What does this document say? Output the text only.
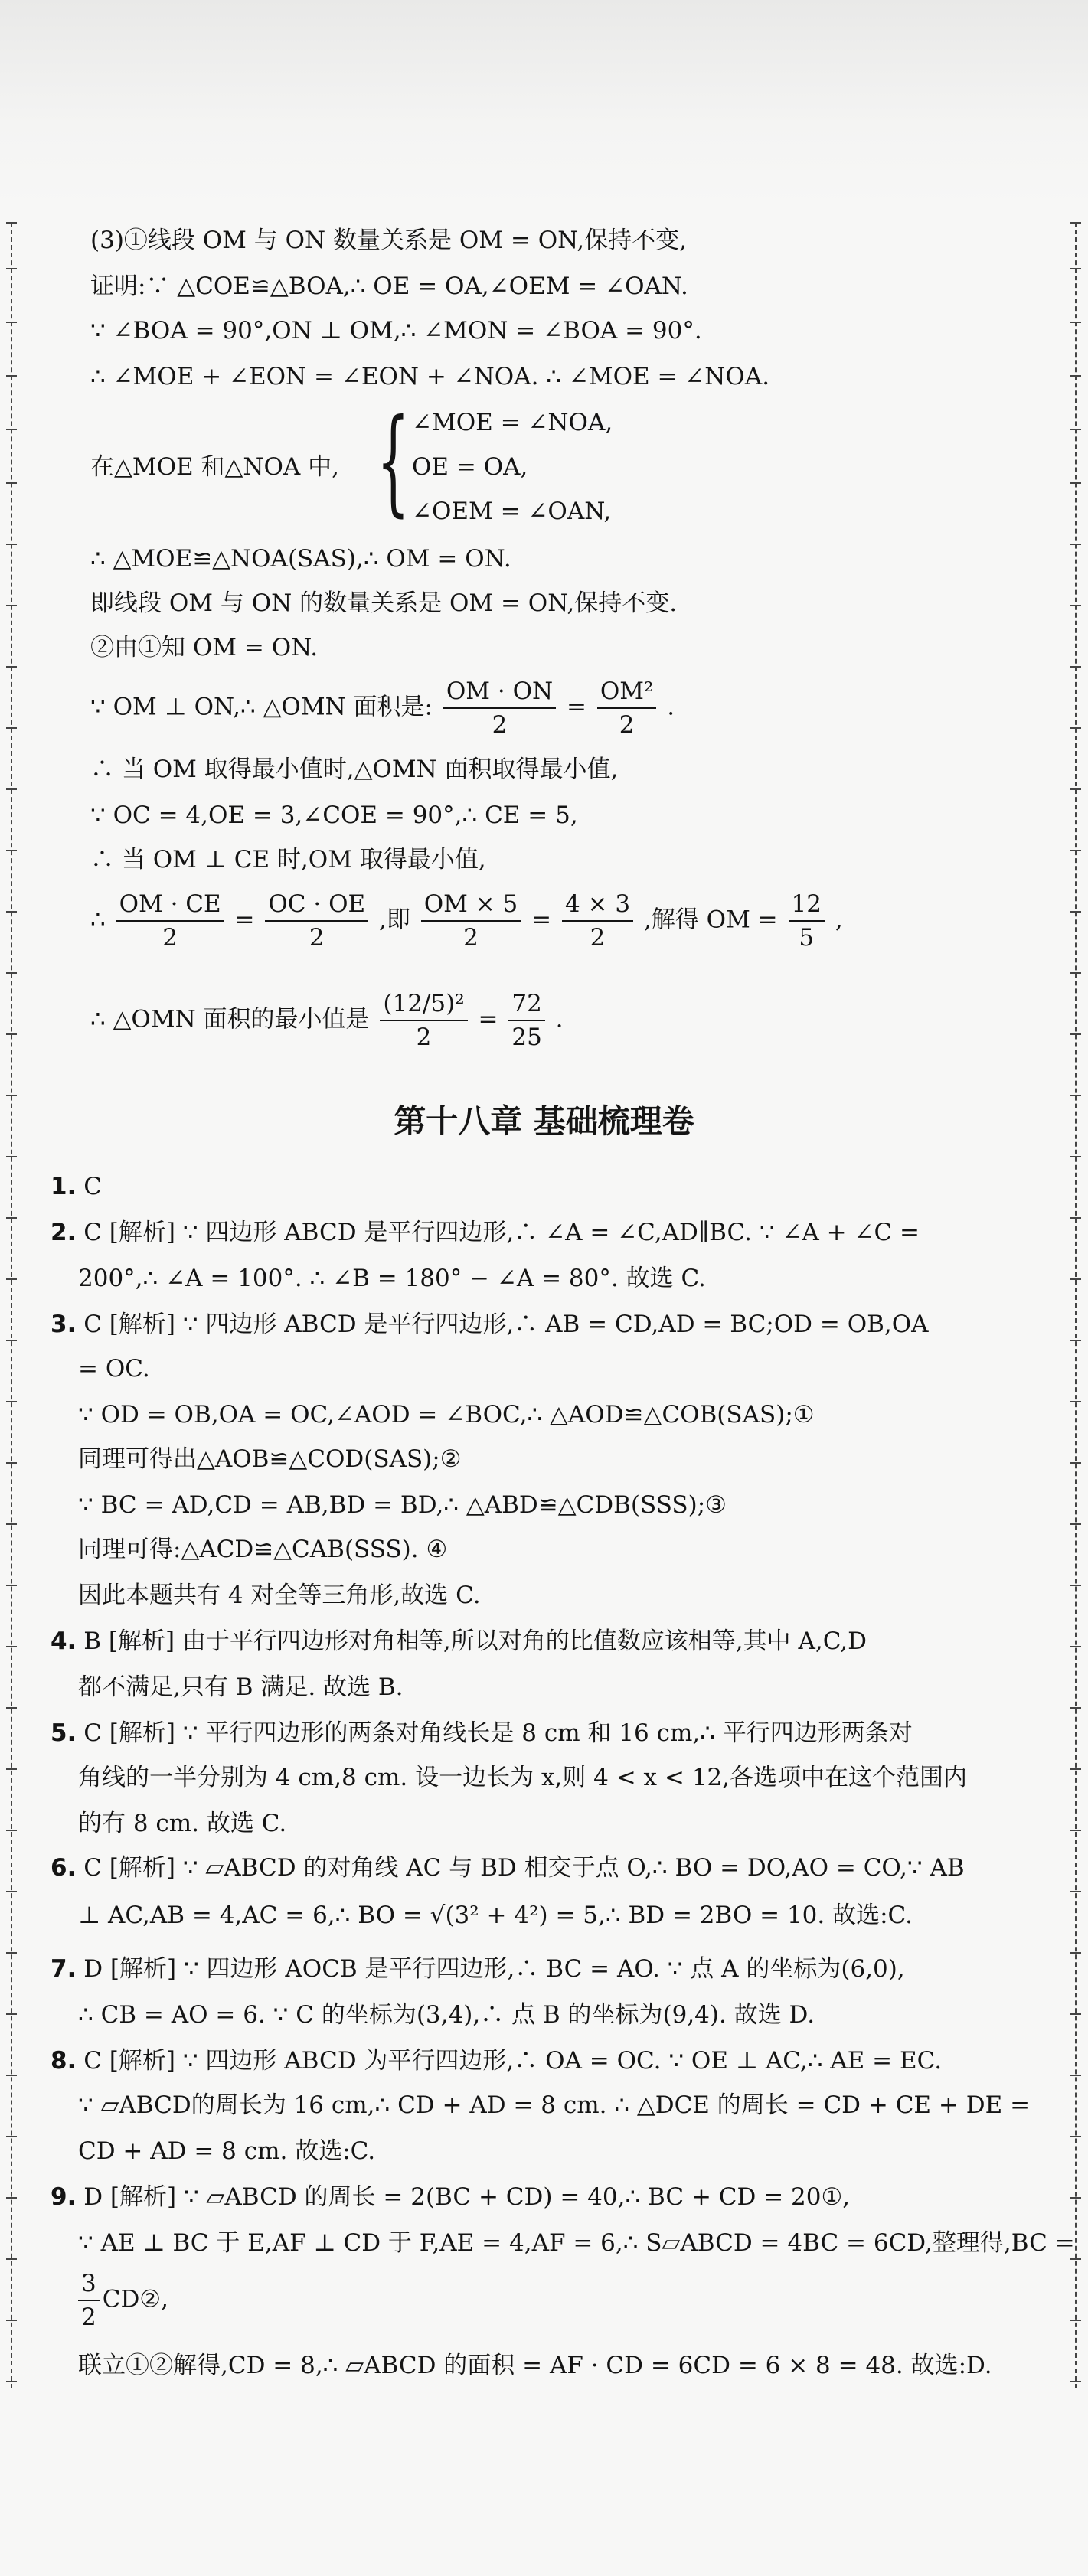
(3)①线段 OM 与 ON 数量关系是 OM = ON,保持不变,
证明:∵ △COE≌△BOA,∴ OE = OA,∠OEM = ∠OAN.
∵ ∠BOA = 90°,ON ⊥ OM,∴ ∠MON = ∠BOA = 90°.
∴ ∠MOE + ∠EON = ∠EON + ∠NOA. ∴ ∠MOE = ∠NOA.
在△MOE 和△NOA 中, { ∠MOE = ∠NOA,
OE = OA,
∠OEM = ∠OAN,
∴ △MOE≌△NOA(SAS),∴ OM = ON.
即线段 OM 与 ON 的数量关系是 OM = ON,保持不变.
②由①知 OM = ON.
∵ OM ⊥ ON,∴ △OMN 面积是: $\frac{OM \cdot ON}{2} = \frac{\text{OM²}}{2}$ .
∴ 当 OM 取得最小值时,△OMN 面积取得最小值,
∵ OC = 4,OE = 3,∠COE = 90°,∴ CE = 5,
∴ 当 OM ⊥ CE 时,OM 取得最小值,
∴ $\frac{OM \cdot CE}{2} = \frac{OC \cdot OE}{2}$ ,即 $\frac{OM \times 5}{2} = \frac{4 \times 3}{2}$ ,解得 OM = $\frac{12}{5}$ ,
∴ △OMN 面积的最小值是 $\frac{\text{(12/5)²}}{2} = \frac{72}{25}$ .
第十八章 基础梳理卷
1. C
2. C [解析] ∵ 四边形 ABCD 是平行四边形,∴ ∠A = ∠C,AD∥BC. ∵ ∠A + ∠C =
200°,∴ ∠A = 100°. ∴ ∠B = 180° − ∠A = 80°. 故选 C.
3. C [解析] ∵ 四边形 ABCD 是平行四边形,∴ AB = CD,AD = BC;OD = OB,OA
= OC.
∵ OD = OB,OA = OC,∠AOD = ∠BOC,∴ △AOD≌△COB(SAS);①
同理可得出△AOB≌△COD(SAS);②
∵ BC = AD,CD = AB,BD = BD,∴ △ABD≌△CDB(SSS);③
同理可得:△ACD≌△CAB(SSS). ④
因此本题共有 4 对全等三角形,故选 C.
4. B [解析] 由于平行四边形对角相等,所以对角的比值数应该相等,其中 A,C,D
都不满足,只有 B 满足. 故选 B.
5. C [解析] ∵ 平行四边形的两条对角线长是 8 cm 和 16 cm,∴ 平行四边形两条对
角线的一半分别为 4 cm,8 cm. 设一边长为 x,则 4 < x < 12,各选项中在这个范围内
的有 8 cm. 故选 C.
6. C [解析] ∵ ▱ABCD 的对角线 AC 与 BD 相交于点 O,∴ BO = DO,AO = CO,∵ AB
⊥ AC,AB = 4,AC = 6,∴ BO = √(3² + 4²) = 5,∴ BD = 2BO = 10. 故选:C.
7. D [解析] ∵ 四边形 AOCB 是平行四边形,∴ BC = AO. ∵ 点 A 的坐标为(6,0),
∴ CB = AO = 6. ∵ C 的坐标为(3,4),∴ 点 B 的坐标为(9,4). 故选 D.
8. C [解析] ∵ 四边形 ABCD 为平行四边形,∴ OA = OC. ∵ OE ⊥ AC,∴ AE = EC.
∵ ▱ABCD的周长为 16 cm,∴ CD + AD = 8 cm. ∴ △DCE 的周长 = CD + CE + DE =
CD + AD = 8 cm. 故选:C.
9. D [解析] ∵ ▱ABCD 的周长 = 2(BC + CD) = 40,∴ BC + CD = 20①,
∵ AE ⊥ BC 于 E,AF ⊥ CD 于 F,AE = 4,AF = 6,∴ S▱ABCD = 4BC = 6CD,整理得,BC =
$\frac{3}{2}$ CD②,
联立①②解得,CD = 8,∴ ▱ABCD 的面积 = AF · CD = 6CD = 6 × 8 = 48. 故选:D.
